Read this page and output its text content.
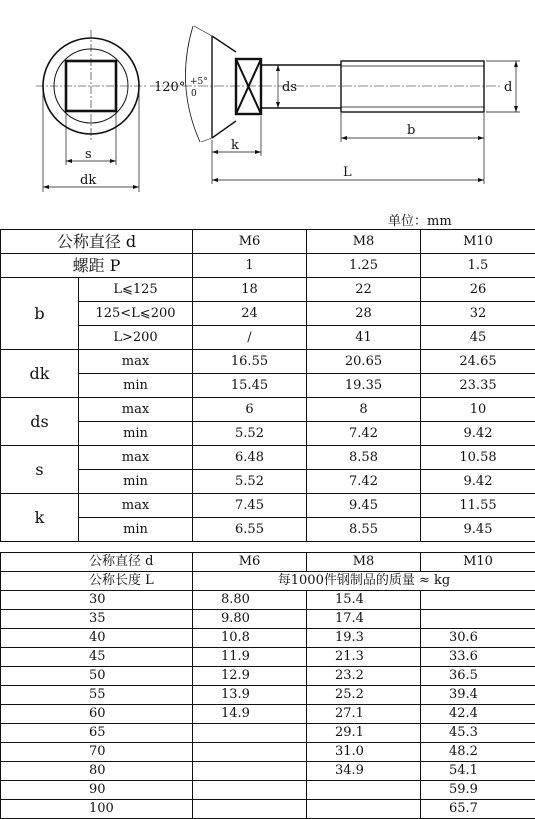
s
dk
120° +5°
0
k
ds	d
b
L
单位：mm
公称直径 d		M6	M8	M10
螺距 P		1	1.25	1.5
b	L⩽125	18	22	26
	125<L⩽200	24	28	32
	L>200	/	41	45
dk	max	16.55	20.65	24.65
	min	15.45	19.35	23.35
ds	max	6	8	10
	min	5.52	7.42	9.42
s	max	6.48	8.58	10.58
	min	5.52	7.42	9.42
k	max	7.45	9.45	11.55
	min	6.55	8.55	9.45
公称直径 d	M6	M8	M10
公称长度 L	每1000件钢制品的质量 ≈ kg		
30	8.80	15.4	
35	9.80	17.4	
40	10.8	19.3	30.6
45	11.9	21.3	33.6
50	12.9	23.2	36.5
55	13.9	25.2	39.4
60	14.9	27.1	42.4
65		29.1	45.3
70		31.0	48.2
80		34.9	54.1
90			59.9
100			65.7
